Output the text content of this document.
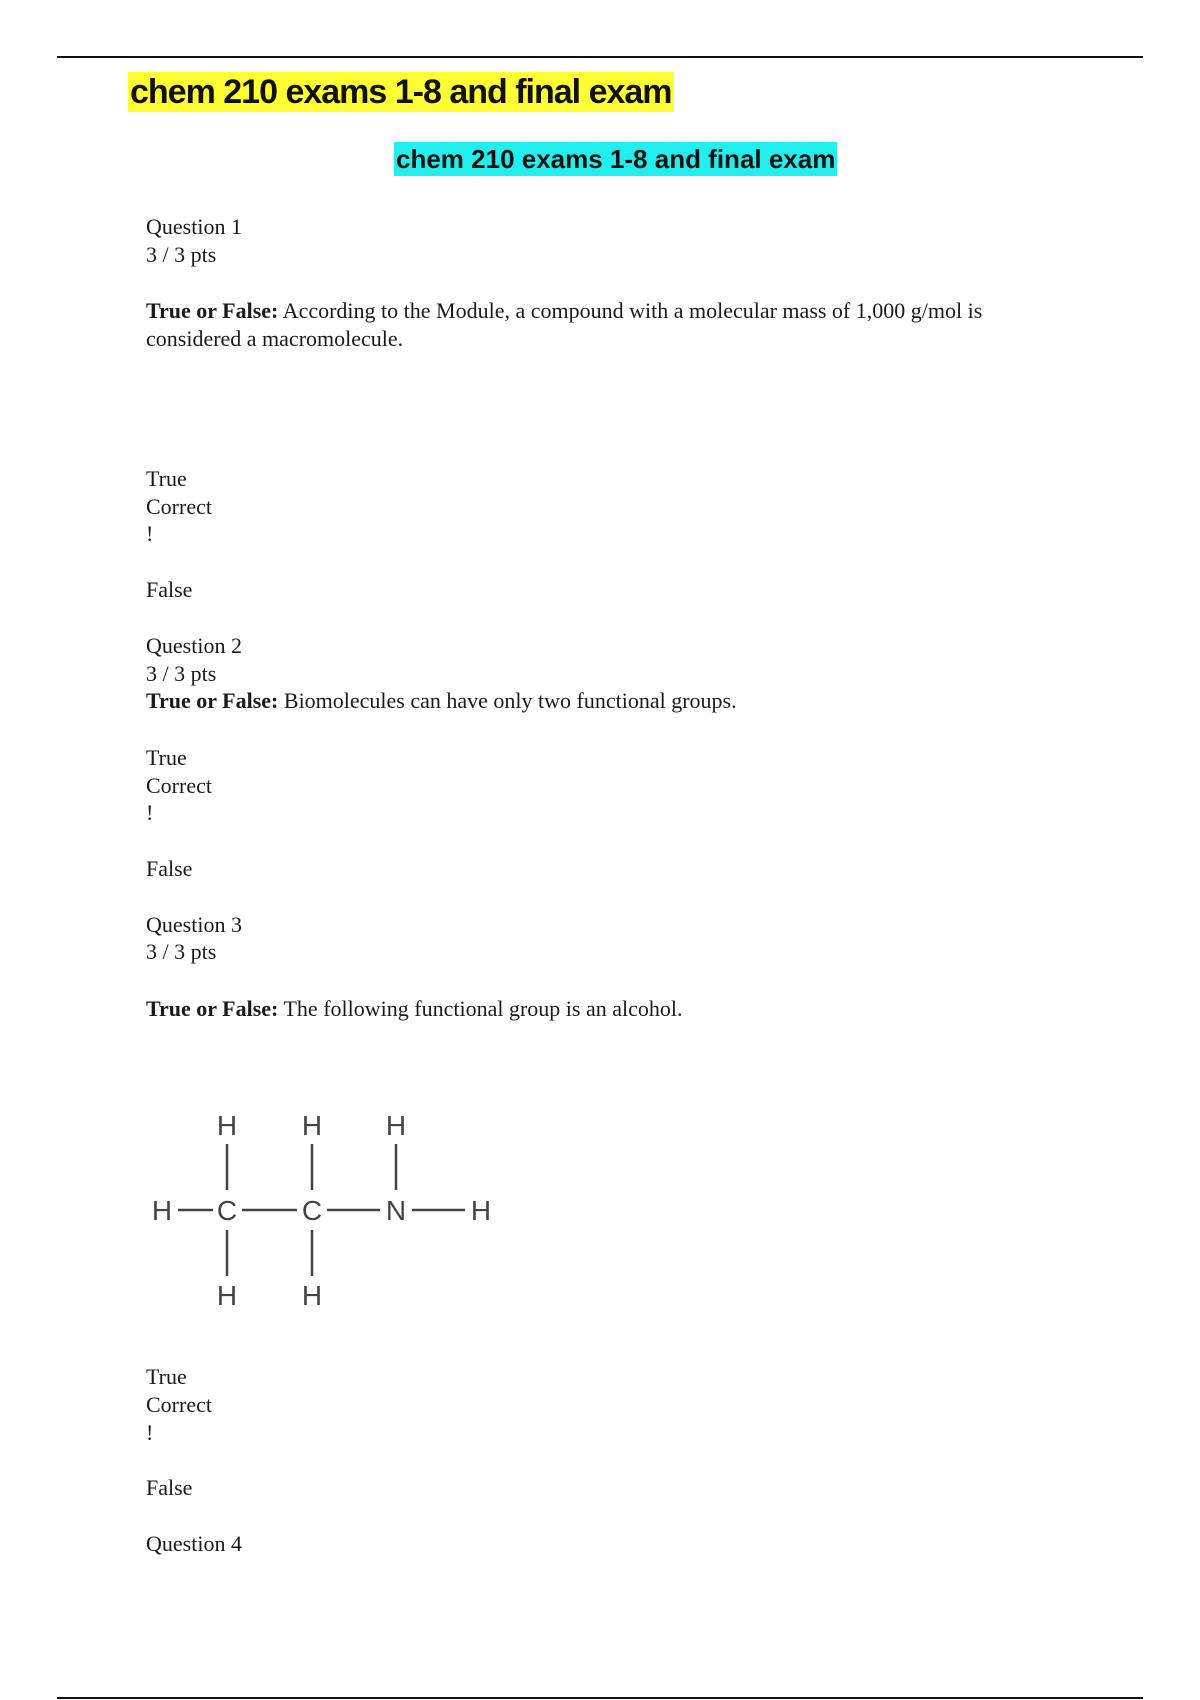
chem 210 exams 1-8 and final exam
chem 210 exams 1-8 and final exam
Question 1
3 / 3 pts
True or False: According to the Module, a compound with a molecular mass of 1,000 g/mol is considered a macromolecule.
True
Correct
!
False
Question 2
3 / 3 pts
True or False: Biomolecules can have only two functional groups.
True
Correct
!
False
Question 3
3 / 3 pts
True or False: The following functional group is an alcohol.
H H H
H C C N H
H H
True
Correct
!
False
Question 4
